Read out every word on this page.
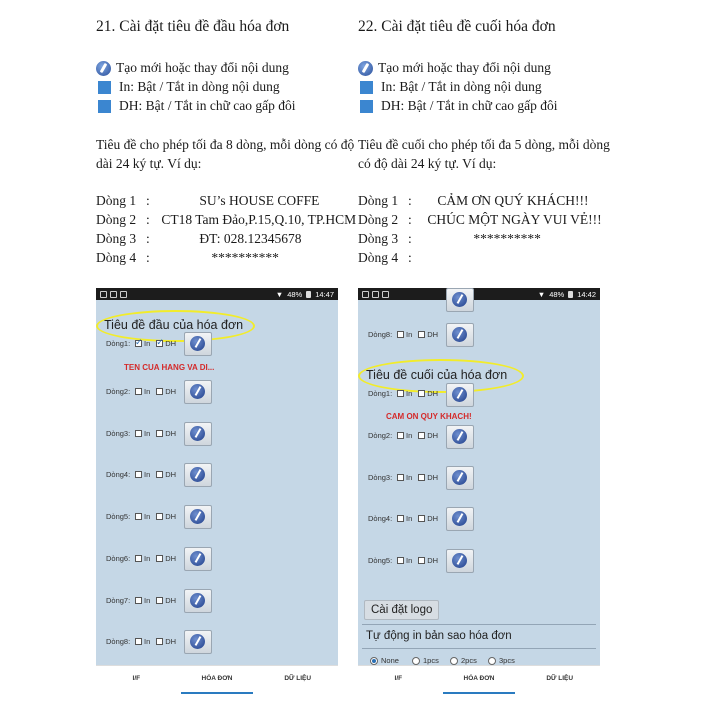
21. Cài đặt tiêu đề đầu hóa đơn
Tạo mới hoặc thay đổi nội dung
In: Bật / Tắt in dòng nội dung
DH: Bật / Tắt in chữ cao gấp đôi
Tiêu đề cho phép tối đa 8 dòng, mỗi dòng có độ dài 24 ký tự. Ví dụ:
Dòng 1 :	SU’s HOUSE COFFE
Dòng 2 : CT18 Tam Đảo,P.15,Q.10, TP.HCM
Dòng 3 :	ĐT: 028.12345678
Dòng 4 :	**********
22. Cài đặt tiêu đề cuối hóa đơn
Tạo mới hoặc thay đổi nội dung
In: Bật / Tắt in dòng nội dung
DH: Bật / Tắt in chữ cao gấp đôi
Tiêu đề cuối cho phép tối đa 5 dòng, mỗi dòng có độ dài 24 ký tự. Ví dụ:
Dòng 1 : CẢM ƠN QUÝ KHÁCH!!!
Dòng 2 : CHÚC MỘT NGÀY VUI VẺ!!!
Dòng 3 :	**********
Dòng 4 :
▼ 48% 14:47
Tiêu đề đầu của hóa đơn
Dòng1: ✓	In ✓ DH
TEN CUA HANG VA DI...
Dòng2:	In DH
Dòng3:	In DH
Dòng4:	In DH
Dòng5:	In DH
Dòng6:	In DH
Dòng7:	In DH
Dòng8:	In DH
I/F	HÓA ĐƠN	DỮ LIỆU
▼ 48% 14:42
Dòng8:	In DH
Tiêu đề cuối của hóa đơn
Dòng1:	In DH
CAM ON QUY KHACH!
Dòng2:	In DH
Dòng3:	In DH
Dòng4:	In DH
Dòng5:	In DH
Cài đặt logo
Tự động in bản sao hóa đơn
None	1pcs	2pcs	3pcs
I/F	HÓA ĐƠN	DỮ LIỆU
